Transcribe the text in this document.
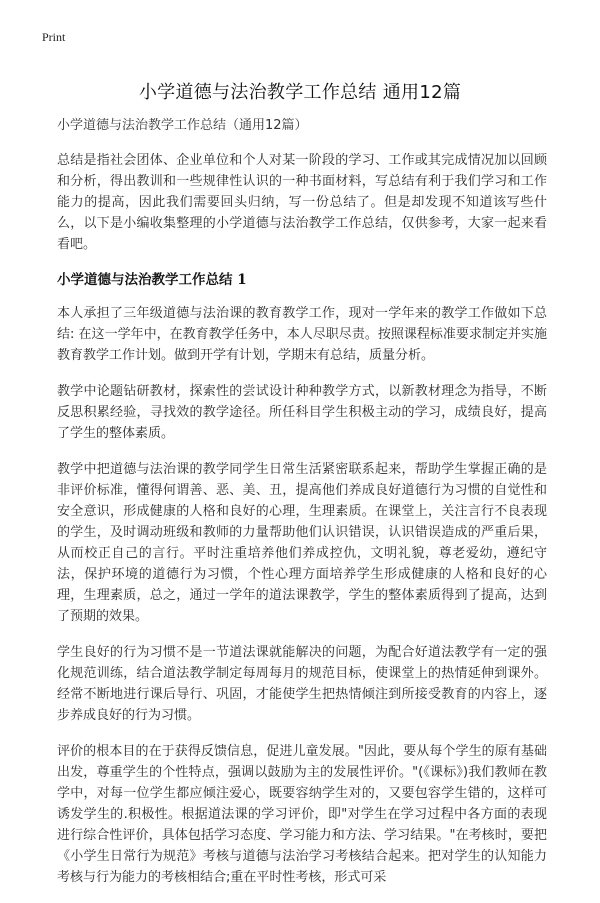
Print
小学道德与法治教学工作总结 通用12篇

小学道德与法治教学工作总结（通用12篇）

总结是指社会团体、企业单位和个人对某一阶段的学习、工作或其完成情况加以回顾和分析，得出教训和一些规律性认识的一种书面材料，写总结有利于我们学习和工作能力的提高，因此我们需要回头归纳，写一份总结了。但是却发现不知道该写些什么，以下是小编收集整理的小学道德与法治教学工作总结，仅供参考，大家一起来看看吧。

小学道德与法治教学工作总结 1

本人承担了三年级道德与法治课的教育教学工作，现对一学年来的教学工作做如下总结: 在这一学年中，在教育教学任务中，本人尽职尽责。按照课程标准要求制定并实施教育教学工作计划。做到开学有计划，学期末有总结，质量分析。

教学中论题钻研教材，探索性的尝试设计种种教学方式，以新教材理念为指导，不断反思积累经验，寻找效的教学途径。所任科目学生积极主动的学习，成绩良好，提高了学生的整体素质。

教学中把道德与法治课的教学同学生日常生活紧密联系起来，帮助学生掌握正确的是非评价标准，懂得何谓善、恶、美、丑，提高他们养成良好道德行为习惯的自觉性和安全意识，形成健康的人格和良好的心理，生理素质。在课堂上，关注言行不良表现的学生，及时调动班级和教师的力量帮助他们认识错误，认识错误造成的严重后果，从而校正自己的言行。平时注重培养他们养成控仇，文明礼貌，尊老爱幼，遵纪守法，保护环境的道德行为习惯，个性心理方面培养学生形成健康的人格和良好的心理，生理素质，总之，通过一学年的道法课教学，学生的整体素质得到了提高，达到了预期的效果。

学生良好的行为习惯不是一节道法课就能解决的问题，为配合好道法教学有一定的强化规范训练，结合道法教学制定每周每月的规范目标，使课堂上的热情延伸到课外。经常不断地进行课后导行、巩固，才能使学生把热情倾注到所接受教育的内容上，逐步养成良好的行为习惯。

评价的根本目的在于获得反馈信息，促进儿童发展。"因此，要从每个学生的原有基础出发，尊重学生的个性特点，强调以鼓励为主的发展性评价。"(《课标》)我们教师在教学中，对每一位学生都应倾注爱心，既要容纳学生对的，又要包容学生错的，这样可诱发学生的.积极性。根据道法课的学习评价，即"对学生在学习过程中各方面的表现进行综合性评价，具体包括学习态度、学习能力和方法、学习结果。"在考核时，要把《小学生日常行为规范》考核与道德与法治学习考核结合起来。把对学生的认知能力考核与行为能力的考核相结合;重在平时性考核，形式可采
